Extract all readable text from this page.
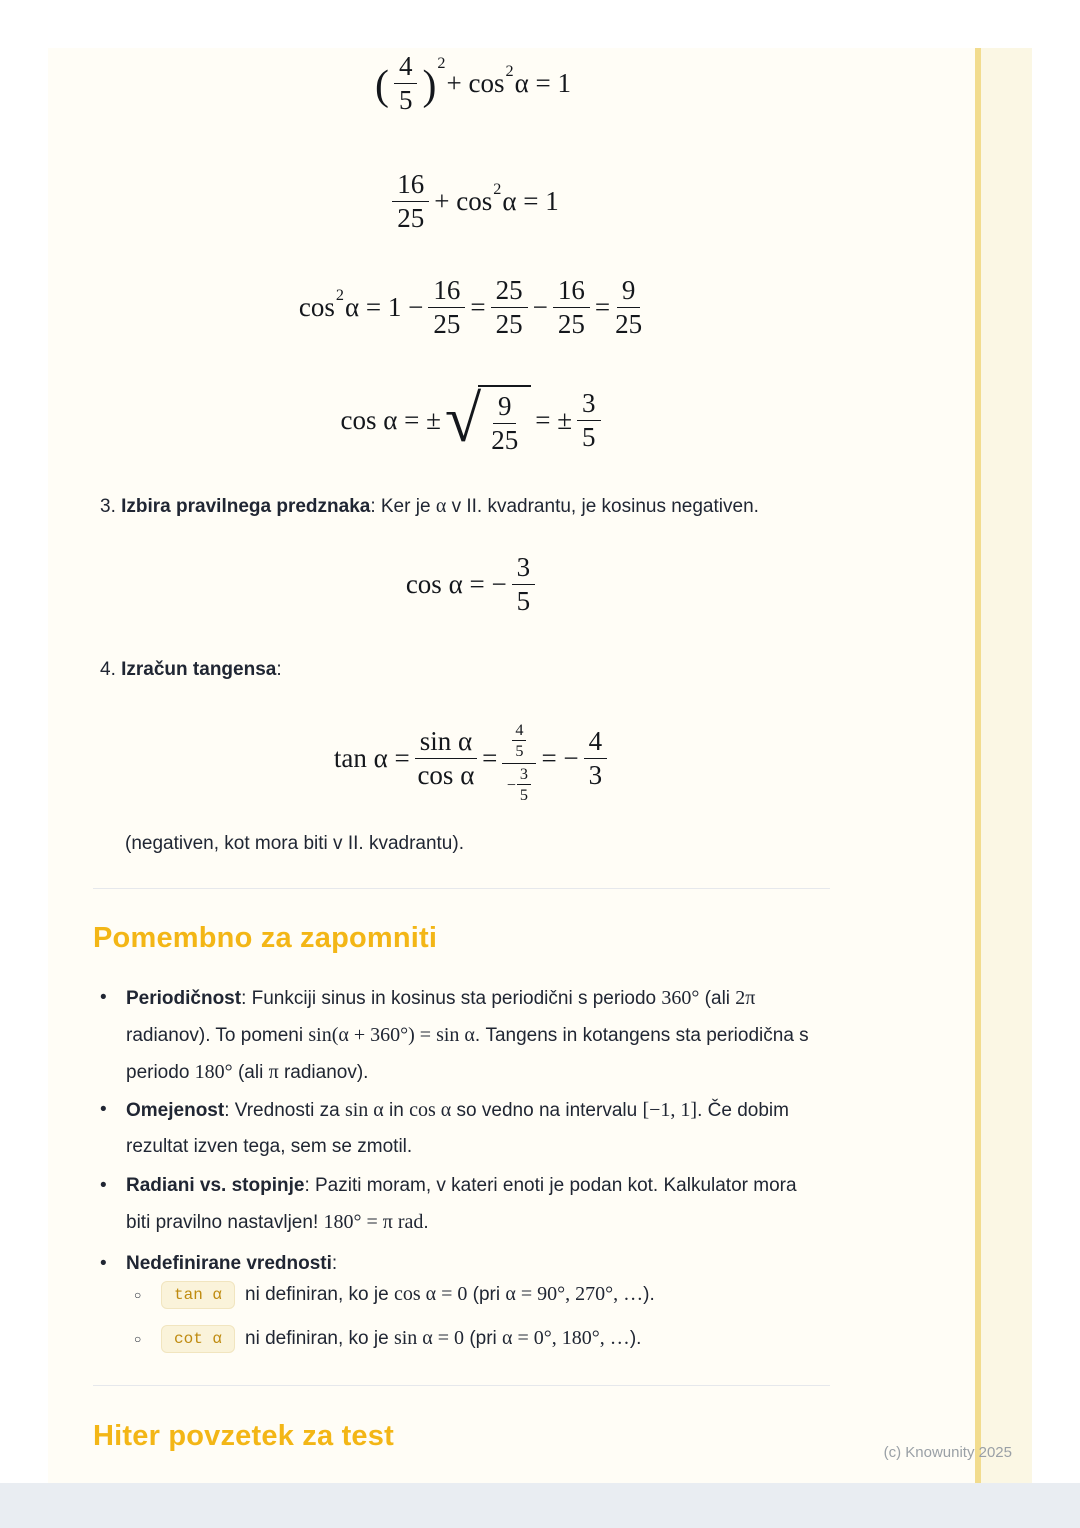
( $\frac{4}{5}$ ) 2
+ cos 2 α = 1
$\frac{16}{25} + \cos 2$ α = 1
cos 2 $\alpha = 1 - \frac{16}{25} = \frac{25}{25} - \frac{16}{25} = \frac{9}{25}$
cos α = ± √ $\frac{9}{25}$ = ± $\frac{3}{5}$
3. Izbira pravilnega predznaka: Ker je α v II. kvadrantu, je kosinus negativen.
cos α = − $\frac{3}{5}$
4. Izračun tangensa:
$\tan \alpha = \frac{\text{sin α}}{\text{cos α}} = \frac{\frac{4}{5}}{- \frac{3}{5}}$ = − $\frac{4}{3}$
(negativen, kot mora biti v II. kvadrantu).
Pomembno za zapomniti
•	Periodičnost: Funkciji sinus in kosinus sta periodični s periodo 360° (ali 2π radianov). To pomeni sin(α + 360°) = sin α. Tangens in kotangens sta periodična s periodo 180° (ali π radianov).
•	Omejenost: Vrednosti za sin α in cos α so vedno na intervalu [−1, 1]. Če dobim rezultat izven tega, sem se zmotil.
•	Radiani vs. stopinje: Paziti moram, v kateri enoti je podan kot. Kalkulator mora biti pravilno nastavljen! 180° = π rad.
•	Nedefinirane vrednosti:
○	tan α	ni definiran, ko je cos α = 0 (pri α = 90°, 270°, …).
○	cot α	ni definiran, ko je sin α = 0 (pri α = 0°, 180°, …).
Hiter povzetek za test
(c) Knowunity 2025
